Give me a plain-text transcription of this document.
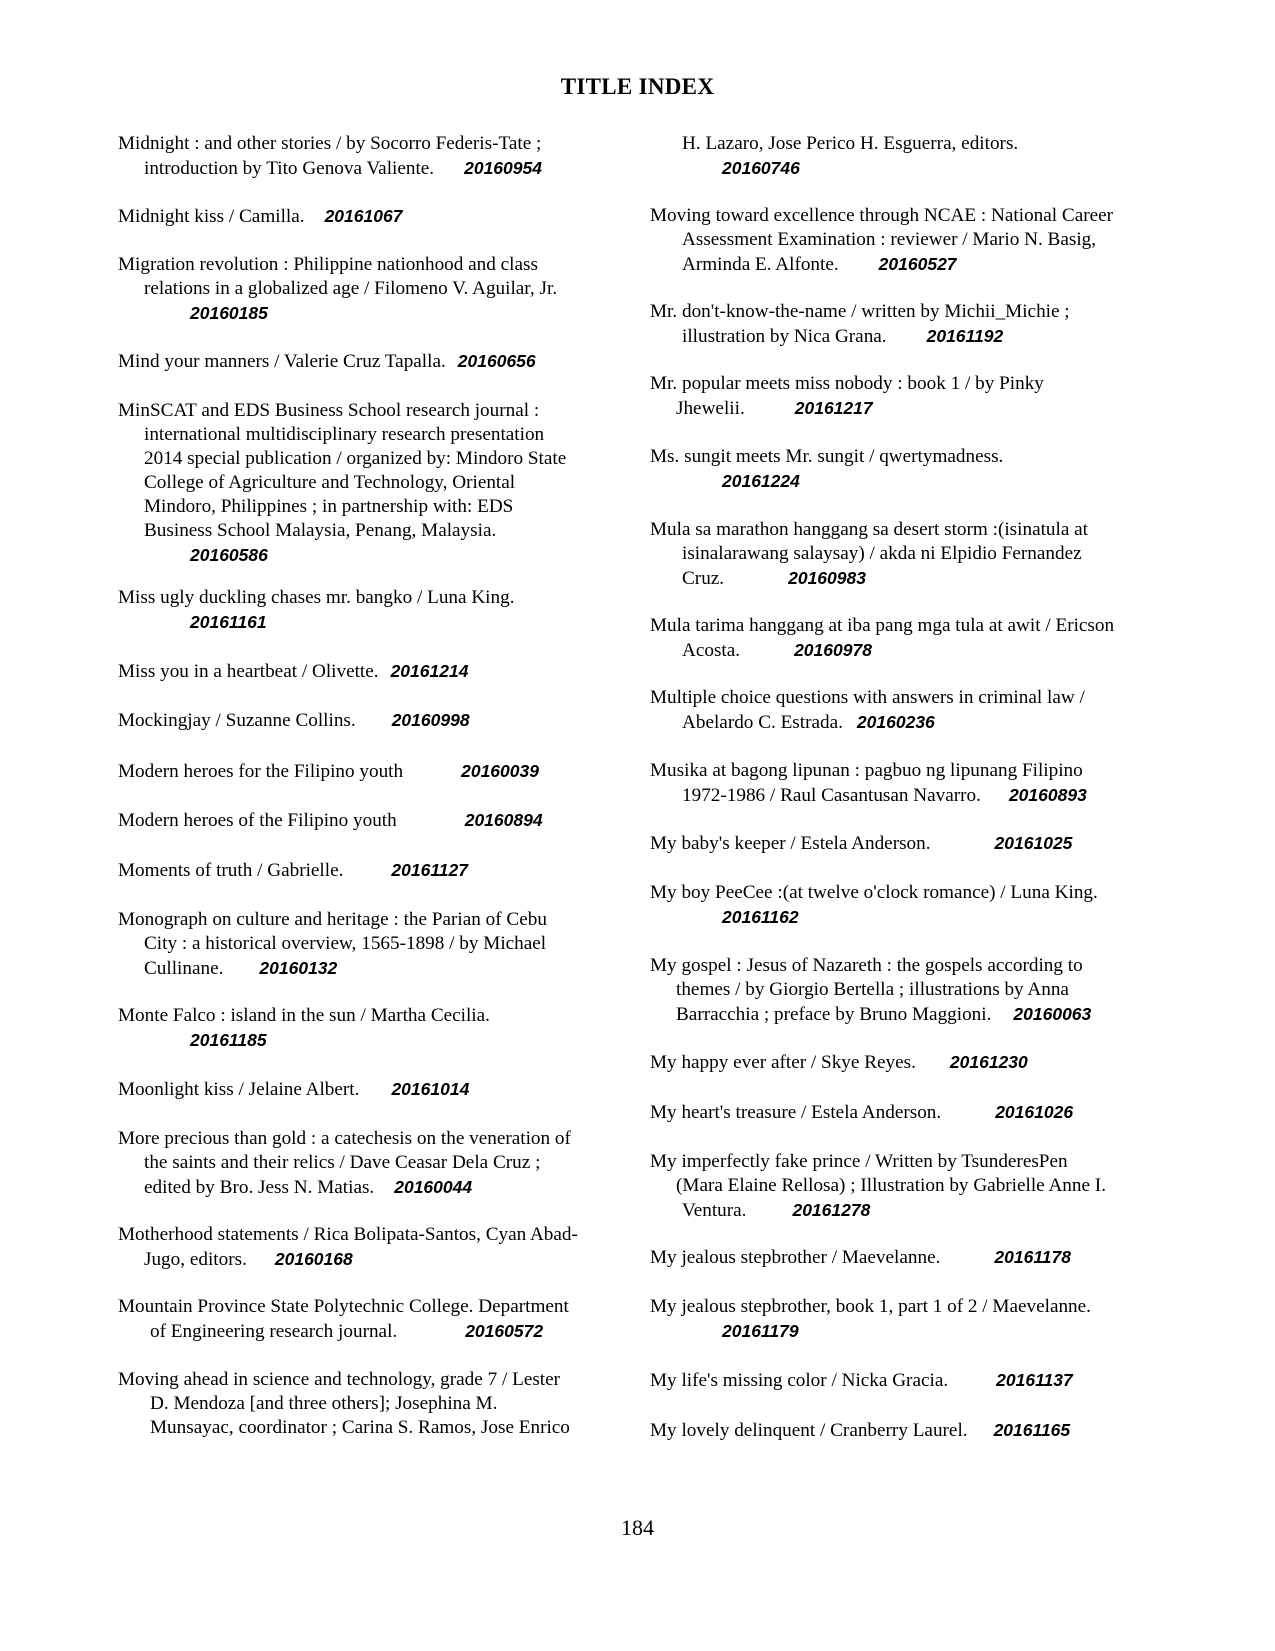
TITLE INDEX
Midnight : and other stories / by Socorro Federis-Tate ;
introduction by Tito Genova Valiente. 20160954
Midnight kiss / Camilla. 20161067
Migration revolution : Philippine nationhood and class
relations in a globalized age / Filomeno V. Aguilar, Jr.
20160185
Mind your manners / Valerie Cruz Tapalla. 20160656
MinSCAT and EDS Business School research journal :
international multidisciplinary research presentation
2014 special publication / organized by: Mindoro State
College of Agriculture and Technology, Oriental
Mindoro, Philippines ; in partnership with: EDS
Business School Malaysia, Penang, Malaysia.
20160586
Miss ugly duckling chases mr. bangko / Luna King.
20161161
Miss you in a heartbeat / Olivette. 20161214
Mockingjay / Suzanne Collins. 20160998
Modern heroes for the Filipino youth	20160039
Modern heroes of the Filipino youth	20160894
Moments of truth / Gabrielle.	20161127
Monograph on culture and heritage : the Parian of Cebu
City : a historical overview, 1565-1898 / by Michael
Cullinane. 20160132
Monte Falco : island in the sun / Martha Cecilia.
20161185
Moonlight kiss / Jelaine Albert. 20161014
More precious than gold : a catechesis on the veneration of
the saints and their relics / Dave Ceasar Dela Cruz ;
edited by Bro. Jess N. Matias. 20160044
Motherhood statements / Rica Bolipata-Santos, Cyan Abad-
Jugo, editors. 20160168
Mountain Province State Polytechnic College. Department
of Engineering research journal.	20160572
Moving ahead in science and technology, grade 7 / Lester
D. Mendoza [and three others]; Josephina M.
Munsayac, coordinator ; Carina S. Ramos, Jose Enrico
H. Lazaro, Jose Perico H. Esguerra, editors.
20160746
Moving toward excellence through NCAE : National Career
Assessment Examination : reviewer / Mario N. Basig,
Arminda E. Alfonte. 20160527
Mr. don't-know-the-name / written by Michii_Michie ;
illustration by Nica Grana. 20161192
Mr. popular meets miss nobody : book 1 / by Pinky
Jhewelii.	20161217
Ms. sungit meets Mr. sungit / qwertymadness.
20161224
Mula sa marathon hanggang sa desert storm :(isinatula at
isinalarawang salaysay) / akda ni Elpidio Fernandez
Cruz.	20160983
Mula tarima hanggang at iba pang mga tula at awit / Ericson
Acosta.	20160978
Multiple choice questions with answers in criminal law /
Abelardo C. Estrada. 20160236
Musika at bagong lipunan : pagbuo ng lipunang Filipino
1972-1986 / Raul Casantusan Navarro. 20160893
My baby's keeper / Estela Anderson.	20161025
My boy PeeCee :(at twelve o'clock romance) / Luna King.
20161162
My gospel : Jesus of Nazareth : the gospels according to
themes / by Giorgio Bertella ; illustrations by Anna
Barracchia ; preface by Bruno Maggioni. 20160063
My happy ever after / Skye Reyes. 20161230
My heart's treasure / Estela Anderson.	20161026
My imperfectly fake prince / Written by TsunderesPen
(Mara Elaine Rellosa) ; Illustration by Gabrielle Anne I.
Ventura.	20161278
My jealous stepbrother / Maevelanne.	20161178
My jealous stepbrother, book 1, part 1 of 2 / Maevelanne.
20161179
My life's missing color / Nicka Gracia.	20161137
My lovely delinquent / Cranberry Laurel. 20161165
184
